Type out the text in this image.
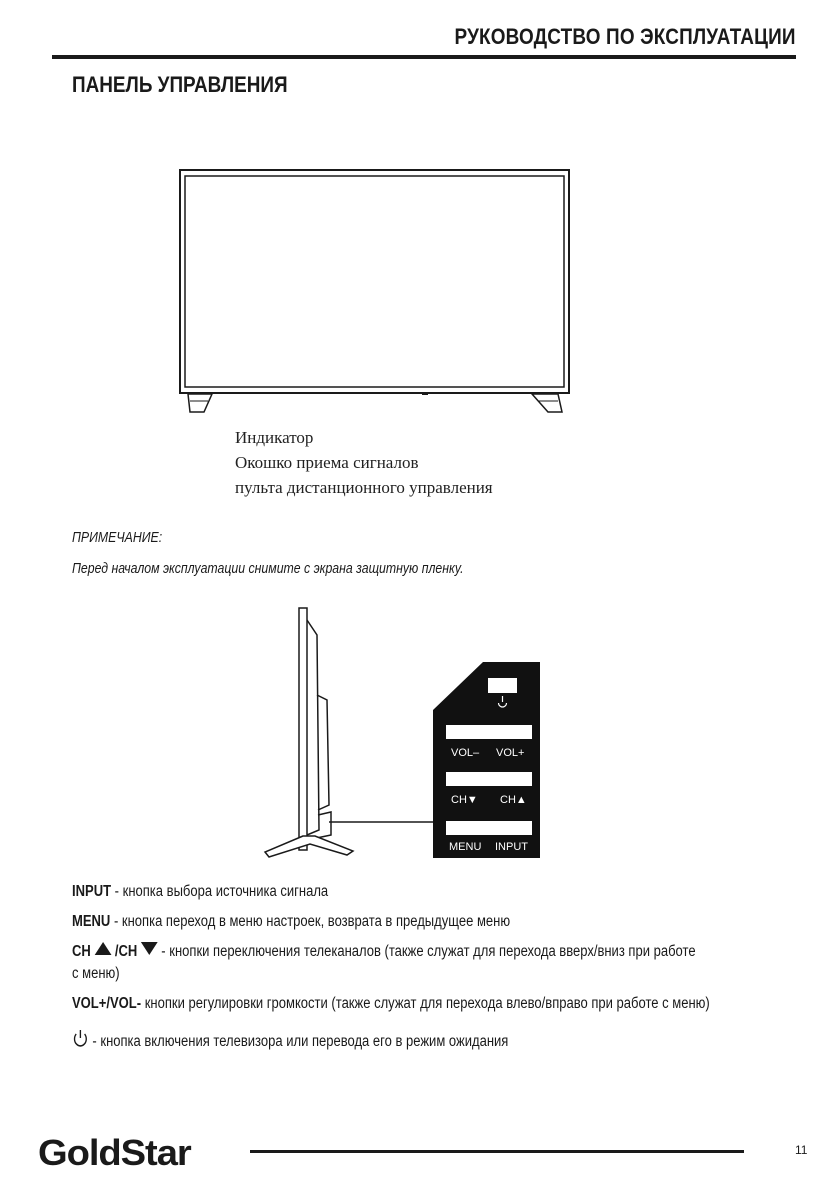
РУКОВОДСТВО ПО ЭКСПЛУАТАЦИИ
ПАНЕЛЬ УПРАВЛЕНИЯ
Индикатор
Окошко приема сигналов
пульта дистанционного управления
ПРИМЕЧАНИЕ:
Перед началом эксплуатации снимите с экрана защитную пленку.
VOL– VOL+
CH▼ CH▲
MENU INPUT
INPUT - кнопка выбора источника сигнала
MENU - кнопка переход в меню настроек, возврата в предыдущее меню
CH  /CH  - кнопки переключения телеканалов (также служат для перехода вверх/вниз при работе
с меню)
VOL+/VOL- кнопки регулировки громкости (также служат для перехода влево/вправо при работе с меню)
- кнопка включения телевизора или перевода его в режим ожидания
GoldStar	11
